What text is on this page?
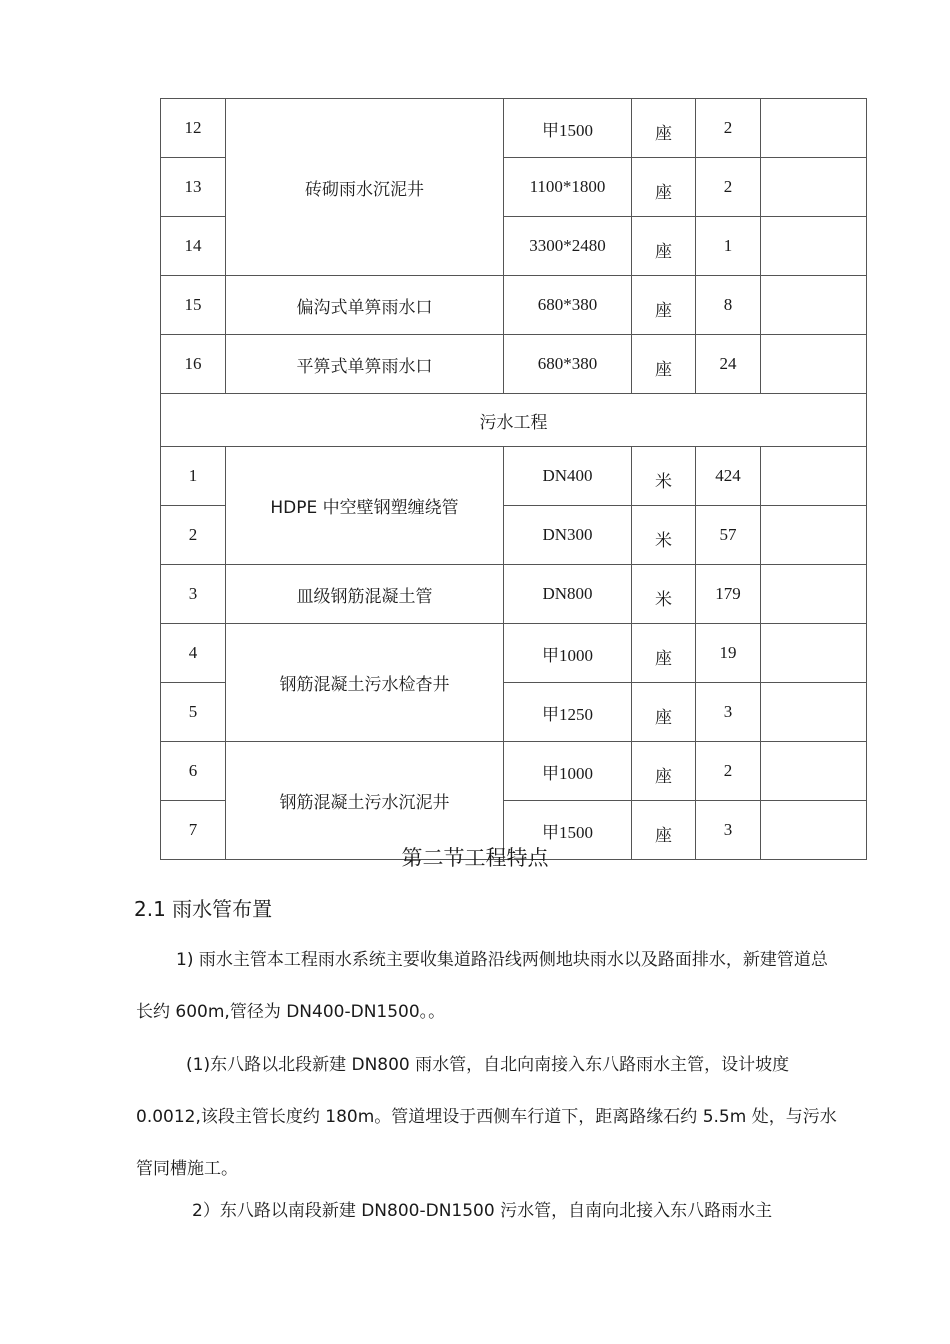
12	砖砌雨水沉泥井	甲1500	座	2	
13		1100*1800	座	2	
14		3300*2480	座	1	
15	偏沟式单箅雨水口	680*380	座	8	
16	平箅式单箅雨水口	680*380	座	24	
污水工程					
1	HDPE 中空壁钢塑缠绕管	DN400	米	424	
2		DN300	米	57	
3	皿级钢筋混凝土管	DN800	米	179	
4	钢筋混凝土污水检杳井	甲1000	座	19	
5		甲1250	座	3	
6	钢筋混凝土污水沉泥井	甲1000	座	2	
7		甲1500	座	3	
第二节工程特点
2.1 雨水管布置
1) 雨水主管本工程雨水系统主要收集道路沿线两侧地块雨水以及路面排水，新建管道总
长约 600m,管径为 DN400-DN1500。。
(1)东八路以北段新建 DN800 雨水管，自北向南接入东八路雨水主管，设计坡度
0.0012,该段主管长度约 180m。管道埋设于西侧车行道下，距离路缘石约 5.5m 处，与污水
管同槽施工。
2）东八路以南段新建 DN800-DN1500 污水管，自南向北接入东八路雨水主
